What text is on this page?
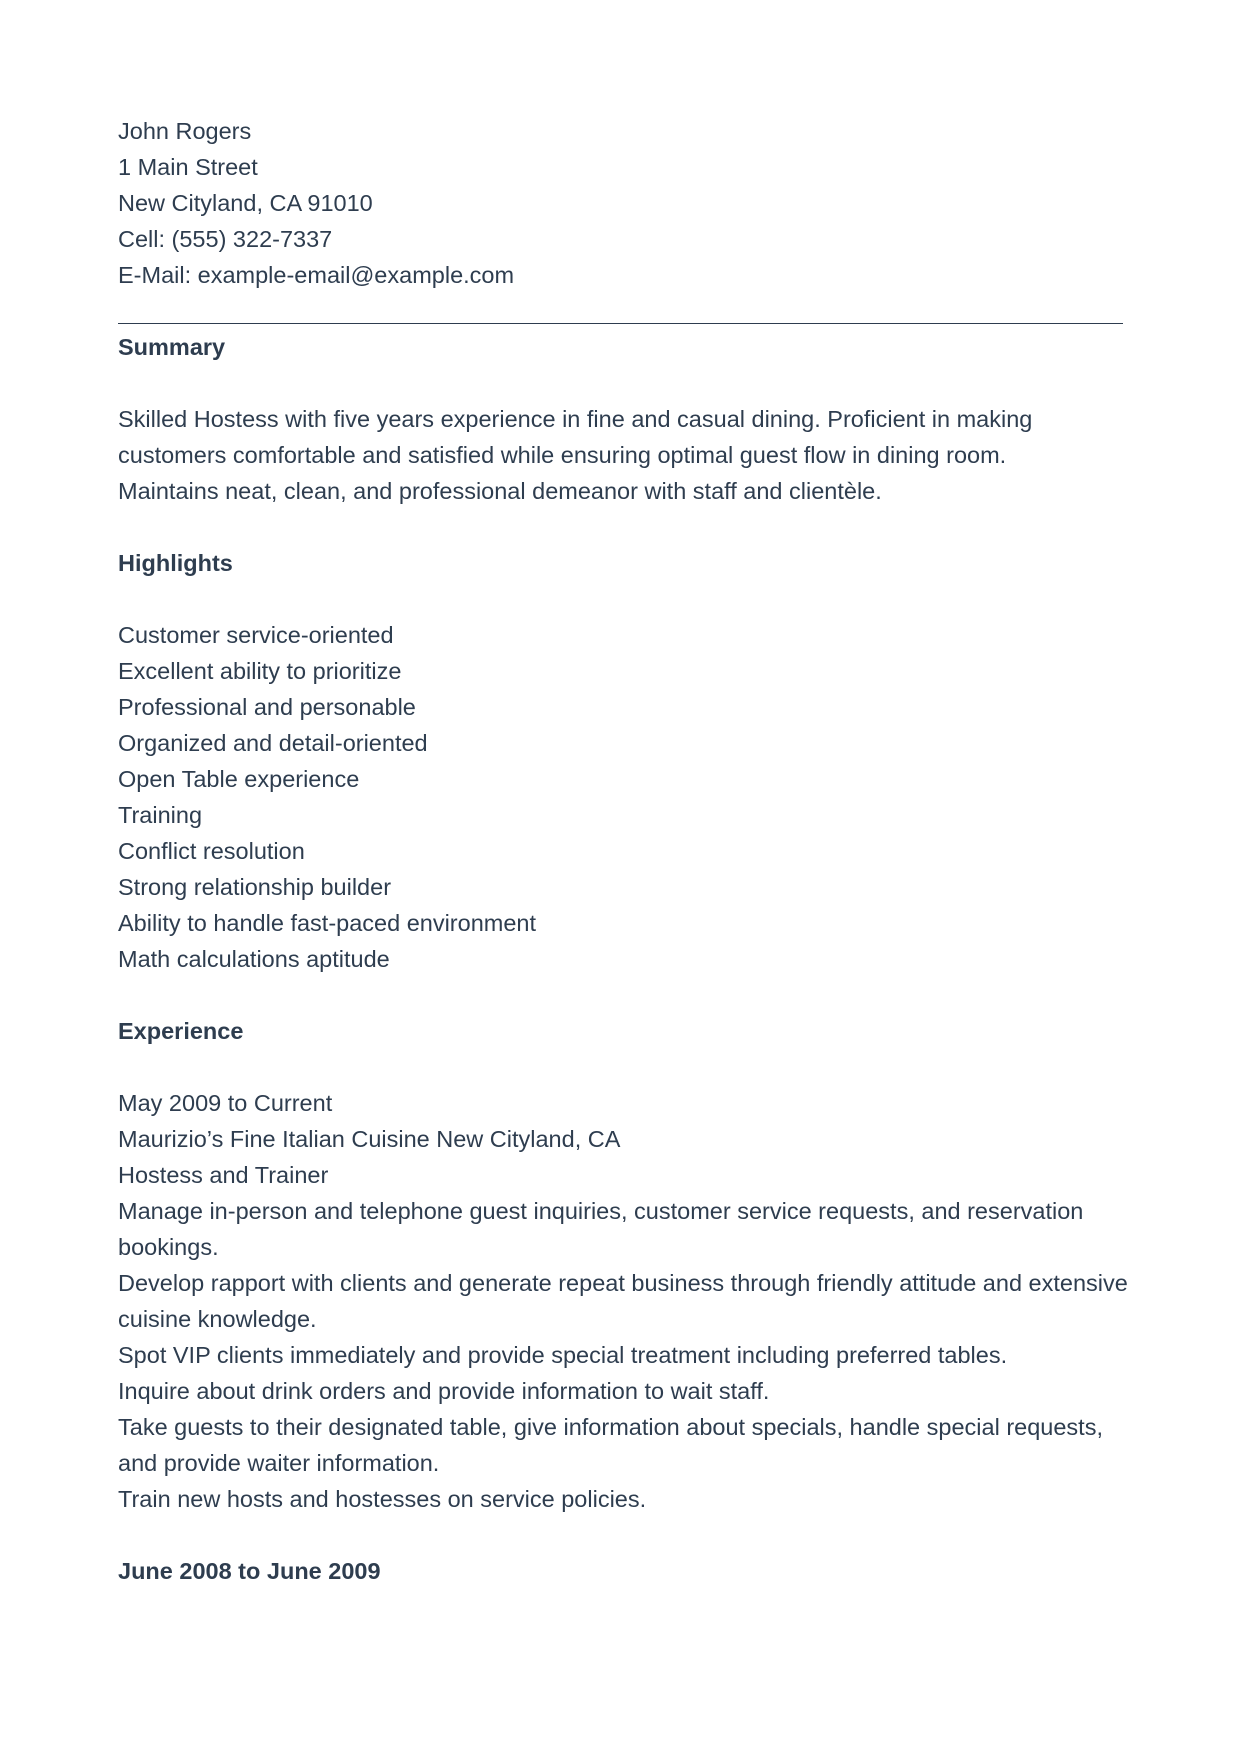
John Rogers
1 Main Street
New Cityland, CA 91010
Cell: (555) 322-7337
E-Mail: example-email@example.com
Summary
Skilled Hostess with five years experience in fine and casual dining. Proficient in making
customers comfortable and satisfied while ensuring optimal guest flow in dining room.
Maintains neat, clean, and professional demeanor with staff and clientèle.
Highlights
Customer service-oriented
Excellent ability to prioritize
Professional and personable
Organized and detail-oriented
Open Table experience
Training
Conflict resolution
Strong relationship builder
Ability to handle fast-paced environment
Math calculations aptitude
Experience
May 2009 to Current
Maurizio’s Fine Italian Cuisine New Cityland, CA
Hostess and Trainer
Manage in-person and telephone guest inquiries, customer service requests, and reservation bookings.
Develop rapport with clients and generate repeat business through friendly attitude and extensive cuisine knowledge.
Spot VIP clients immediately and provide special treatment including preferred tables.
Inquire about drink orders and provide information to wait staff.
Take guests to their designated table, give information about specials, handle special requests, and provide waiter information.
Train new hosts and hostesses on service policies.
June 2008 to June 2009
